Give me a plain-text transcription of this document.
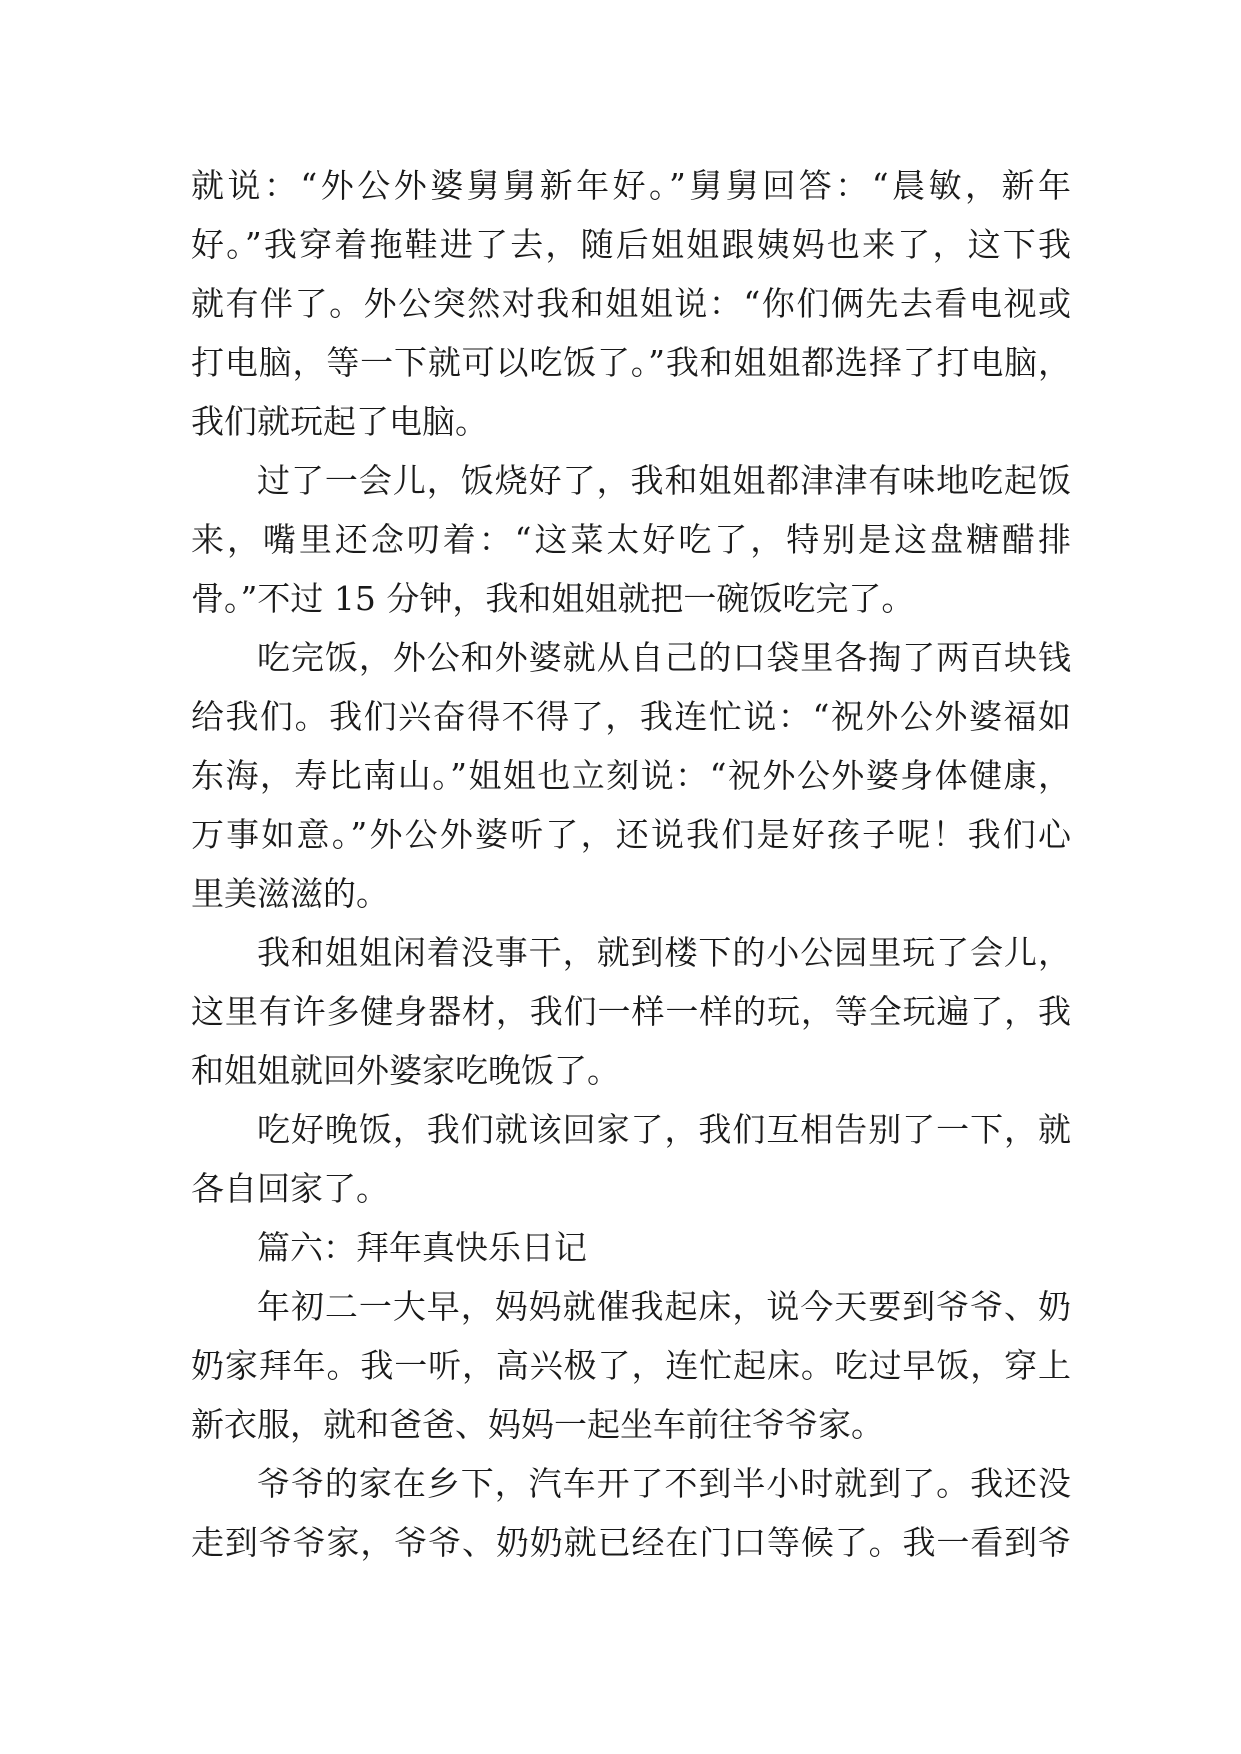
就说：“外公外婆舅舅新年好。”舅舅回答：“晨敏，新年
好。”我穿着拖鞋进了去，随后姐姐跟姨妈也来了，这下我
就有伴了。外公突然对我和姐姐说：“你们俩先去看电视或
打电脑，等一下就可以吃饭了。”我和姐姐都选择了打电脑，
我们就玩起了电脑。
过了一会儿，饭烧好了，我和姐姐都津津有味地吃起饭
来，嘴里还念叨着：“这菜太好吃了，特别是这盘糖醋排
骨。”不过 15 分钟，我和姐姐就把一碗饭吃完了。
吃完饭，外公和外婆就从自己的口袋里各掏了两百块钱
给我们。我们兴奋得不得了，我连忙说：“祝外公外婆福如
东海，寿比南山。”姐姐也立刻说：“祝外公外婆身体健康，
万事如意。”外公外婆听了，还说我们是好孩子呢！我们心
里美滋滋的。
我和姐姐闲着没事干，就到楼下的小公园里玩了会儿，
这里有许多健身器材，我们一样一样的玩，等全玩遍了，我
和姐姐就回外婆家吃晚饭了。
吃好晚饭，我们就该回家了，我们互相告别了一下，就
各自回家了。
篇六：拜年真快乐日记
年初二一大早，妈妈就催我起床，说今天要到爷爷、奶
奶家拜年。我一听，高兴极了，连忙起床。吃过早饭，穿上
新衣服，就和爸爸、妈妈一起坐车前往爷爷家。
爷爷的家在乡下，汽车开了不到半小时就到了。我还没
走到爷爷家，爷爷、奶奶就已经在门口等候了。我一看到爷
